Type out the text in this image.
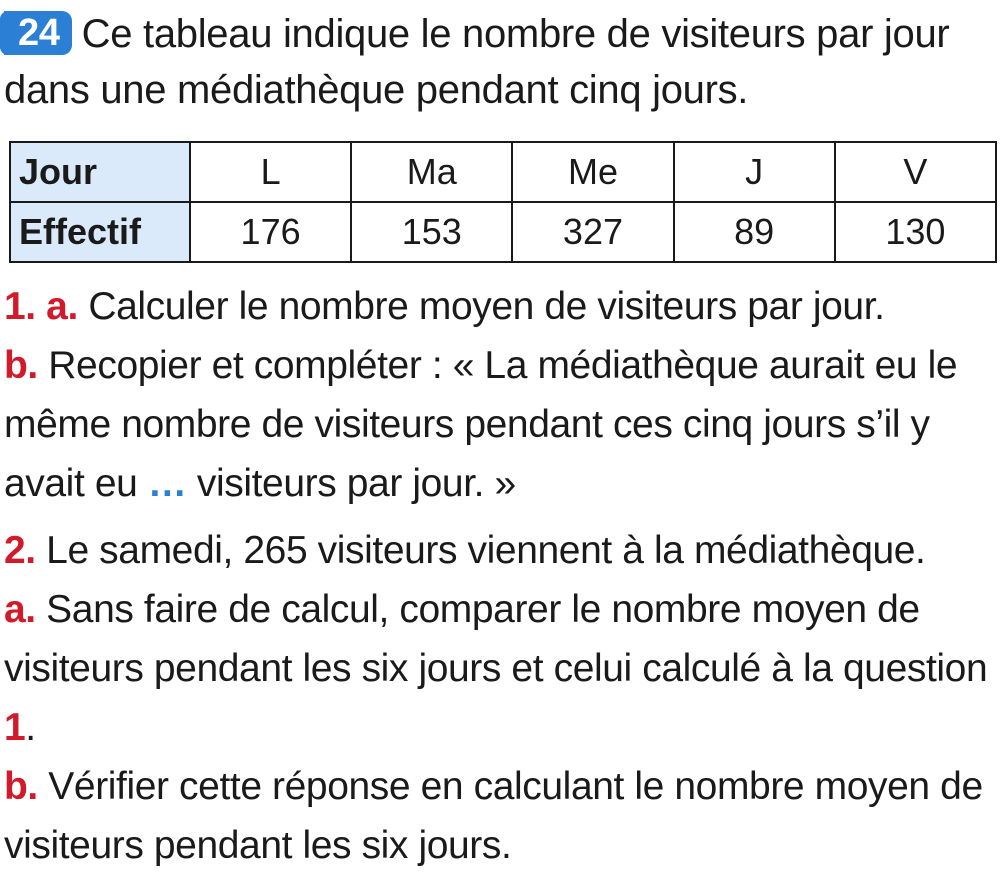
24 Ce tableau indique le nombre de visiteurs par jour dans une médiathèque pendant cinq jours.

Jour	L	Ma	Me	J	V
Effectif	176	153	327	89	130

1. a. Calculer le nombre moyen de visiteurs par jour.

b. Recopier et compléter : « La médiathèque aurait eu le même nombre de visiteurs pendant ces cinq jours s’il y avait eu … visiteurs par jour. »

2. Le samedi, 265 visiteurs viennent à la médiathèque.

a. Sans faire de calcul, comparer le nombre moyen de visiteurs pendant les six jours et celui calculé à la question 1.

b. Vérifier cette réponse en calculant le nombre moyen de visiteurs pendant les six jours.
